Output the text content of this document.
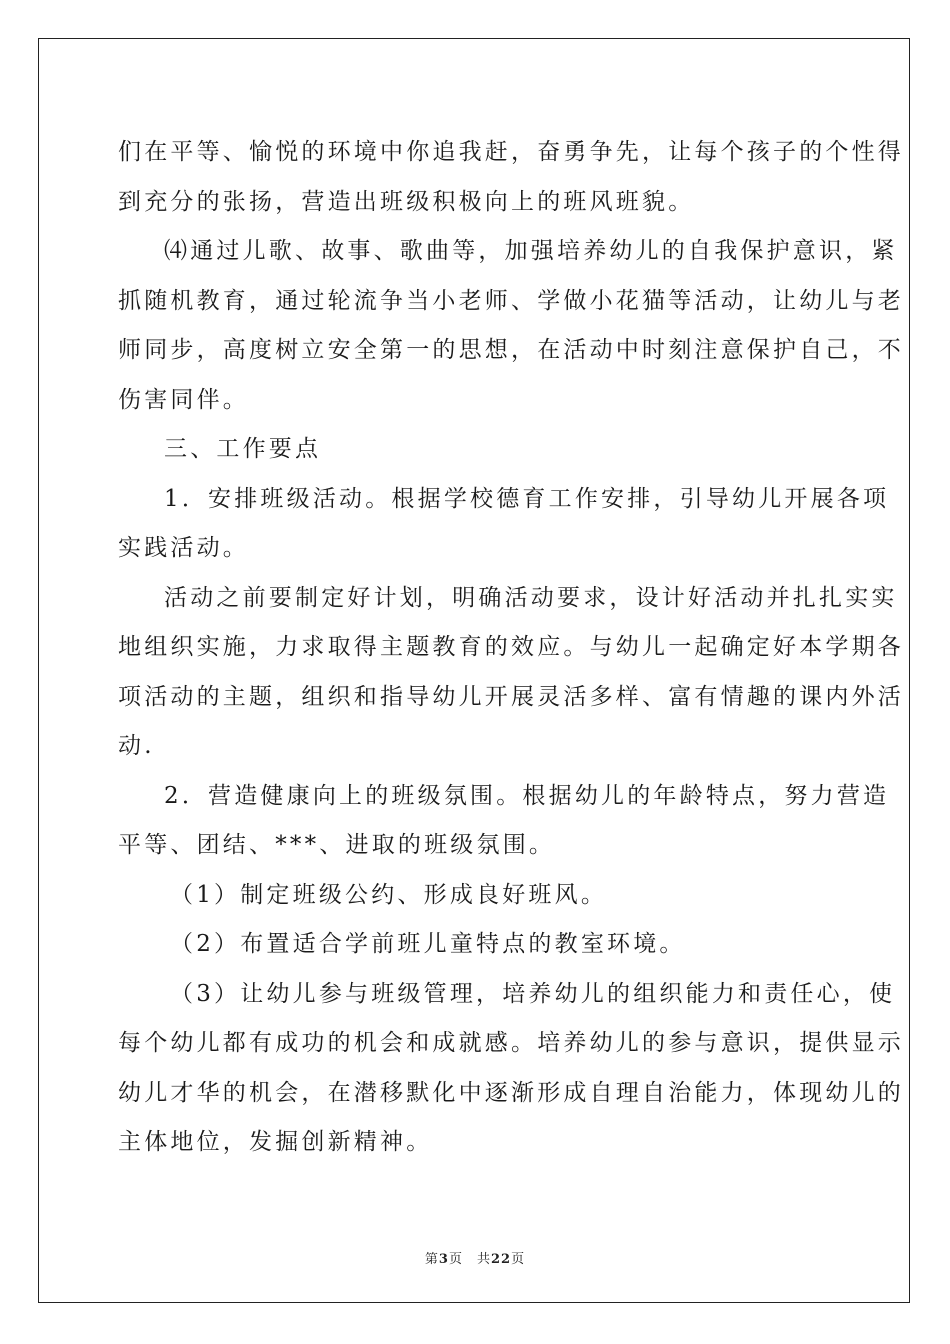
们在平等、愉悦的环境中你追我赶，奋勇争先，让每个孩子的个性得

到充分的张扬，营造出班级积极向上的班风班貌。

⑷通过儿歌、故事、歌曲等，加强培养幼儿的自我保护意识，紧

抓随机教育，通过轮流争当小老师、学做小花猫等活动，让幼儿与老

师同步，高度树立安全第一的思想，在活动中时刻注意保护自己，不

伤害同伴。

三、工作要点

1．安排班级活动。根据学校德育工作安排，引导幼儿开展各项

实践活动。

活动之前要制定好计划，明确活动要求，设计好活动并扎扎实实

地组织实施，力求取得主题教育的效应。与幼儿一起确定好本学期各

项活动的主题，组织和指导幼儿开展灵活多样、富有情趣的课内外活

动.

2．营造健康向上的班级氛围。根据幼儿的年龄特点，努力营造

平等、团结、***、进取的班级氛围。

（1）制定班级公约、形成良好班风。

（2）布置适合学前班儿童特点的教室环境。

（3）让幼儿参与班级管理，培养幼儿的组织能力和责任心，使

每个幼儿都有成功的机会和成就感。培养幼儿的参与意识，提供显示

幼儿才华的机会，在潜移默化中逐渐形成自理自治能力，体现幼儿的

主体地位，发掘创新精神。

第3页 共22页
